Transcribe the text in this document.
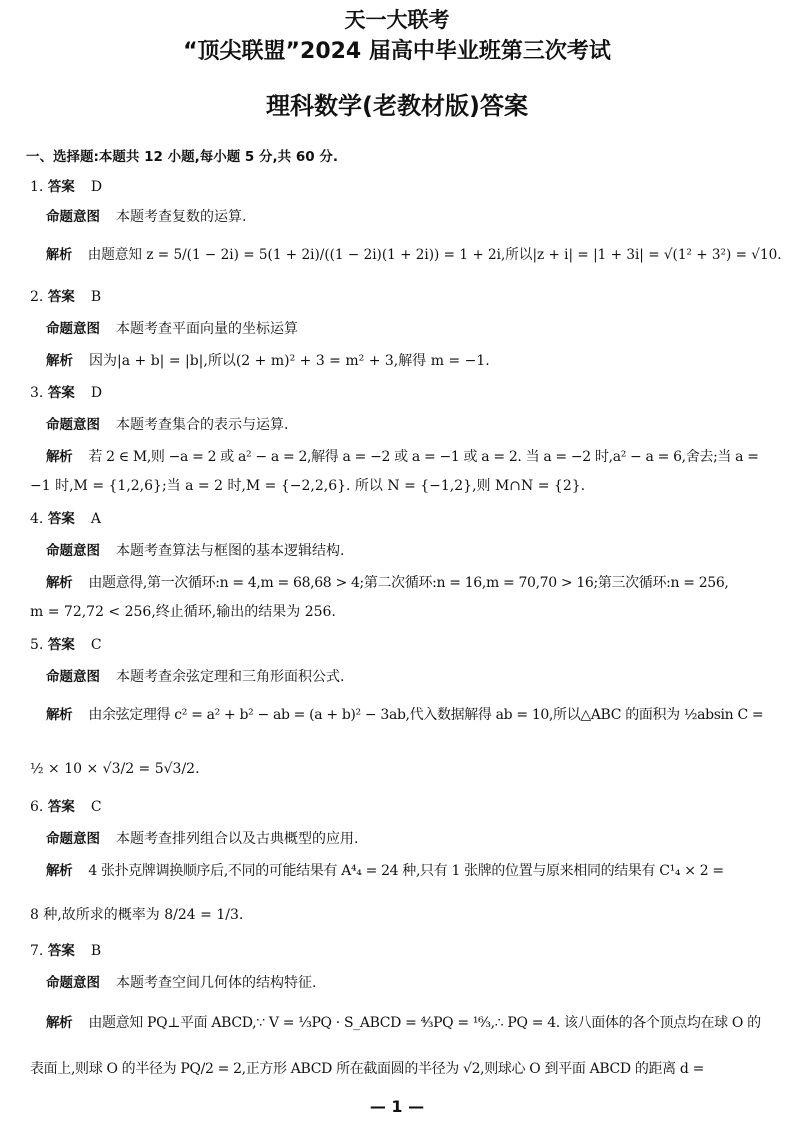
天一大联考
“顶尖联盟”2024 届高中毕业班第三次考试
理科数学(老教材版)答案
一、选择题:本题共 12 小题,每小题 5 分,共 60 分.
1. 答案 D
命题意图 本题考查复数的运算.
解析 由题意知 z = 5/(1 − 2i) = 5(1 + 2i)/((1 − 2i)(1 + 2i)) = 1 + 2i,所以|z + i| = |1 + 3i| = √(1² + 3²) = √10.
2. 答案 B
命题意图 本题考查平面向量的坐标运算
解析 因为|a + b| = |b|,所以(2 + m)² + 3 = m² + 3,解得 m = −1.
3. 答案 D
命题意图 本题考查集合的表示与运算.
解析 若 2 ∈ M,则 −a = 2 或 a² − a = 2,解得 a = −2 或 a = −1 或 a = 2. 当 a = −2 时,a² − a = 6,舍去;当 a =
−1 时,M = {1,2,6};当 a = 2 时,M = {−2,2,6}. 所以 N = {−1,2},则 M∩N = {2}.
4. 答案 A
命题意图 本题考查算法与框图的基本逻辑结构.
解析 由题意得,第一次循环:n = 4,m = 68,68 > 4;第二次循环:n = 16,m = 70,70 > 16;第三次循环:n = 256,
m = 72,72 < 256,终止循环,输出的结果为 256.
5. 答案 C
命题意图 本题考查余弦定理和三角形面积公式.
解析 由余弦定理得 c² = a² + b² − ab = (a + b)² − 3ab,代入数据解得 ab = 10,所以△ABC 的面积为 ½absin C =
½ × 10 × √3/2 = 5√3/2.
6. 答案 C
命题意图 本题考查排列组合以及古典概型的应用.
解析 4 张扑克牌调换顺序后,不同的可能结果有 A⁴₄ = 24 种,只有 1 张牌的位置与原来相同的结果有 C¹₄ × 2 =
8 种,故所求的概率为 8/24 = 1/3.
7. 答案 B
命题意图 本题考查空间几何体的结构特征.
解析 由题意知 PQ⊥平面 ABCD,∵ V = ⅓PQ · S_ABCD = ⁴⁄₃PQ = ¹⁶⁄₃,∴ PQ = 4. 该八面体的各个顶点均在球 O 的
表面上,则球 O 的半径为 PQ/2 = 2,正方形 ABCD 所在截面圆的半径为 √2,则球心 O 到平面 ABCD 的距离 d =
— 1 —
